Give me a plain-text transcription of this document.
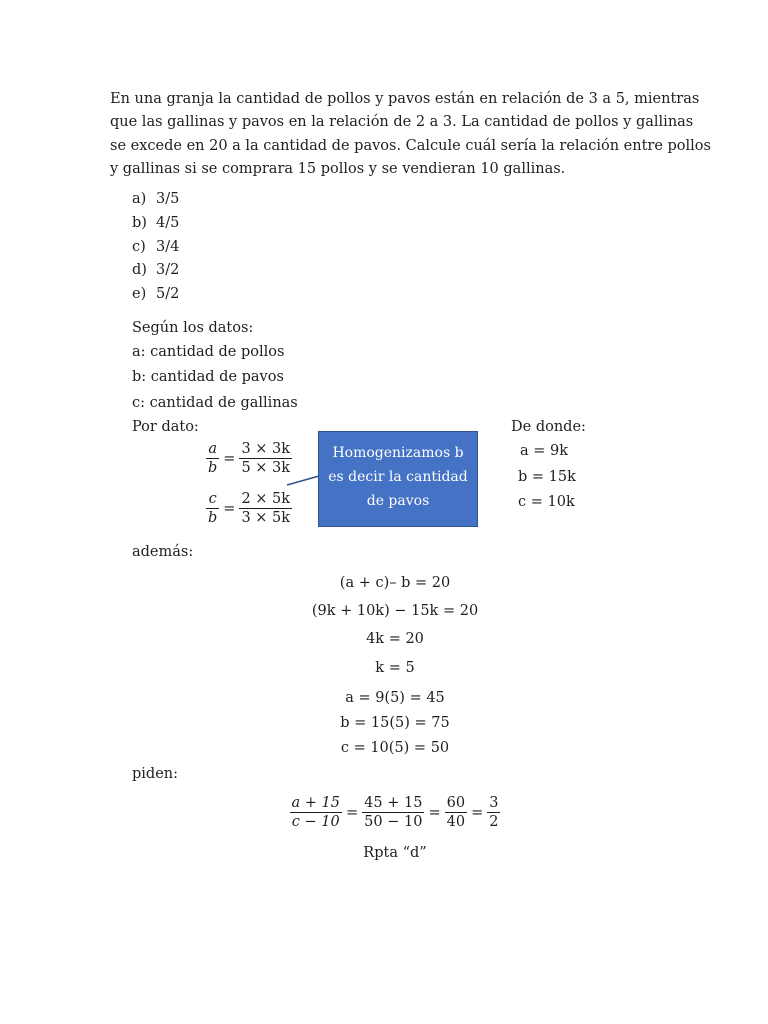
En una granja la cantidad de pollos y pavos están en relación de 3 a 5, mientras
que las gallinas y pavos en la relación de 2 a 3. La cantidad de pollos y gallinas
se excede en 20 a la cantidad de pavos. Calcule cuál sería la relación entre pollos
y gallinas si se comprara 15 pollos y se vendieran 10 gallinas.
a) 3/5
b) 4/5
c) 3/4
d) 3/2
e) 5/2
Según los datos:
a: cantidad de pollos
b: cantidad de pavos
c: cantidad de gallinas
Por dato:
$\frac{a}{b} = \frac{3 \times 3k}{5 \times 3k}$
$\frac{c}{b} = \frac{2 \times 5k}{3 \times 5k}$
Homogenizamos b
es decir la cantidad
de pavos
De donde:
a = 9k
b = 15k
c = 10k
además:
(a + c)– b = 20
(9k + 10k) − 15k = 20
4k = 20
k = 5
a = 9(5) = 45
b = 15(5) = 75
c = 10(5) = 50
piden:
$\frac{a + 15}{c - 10} = \frac{45 + 15}{50 - 10} = \frac{60}{40} = \frac{3}{2}$
Rpta “d”
